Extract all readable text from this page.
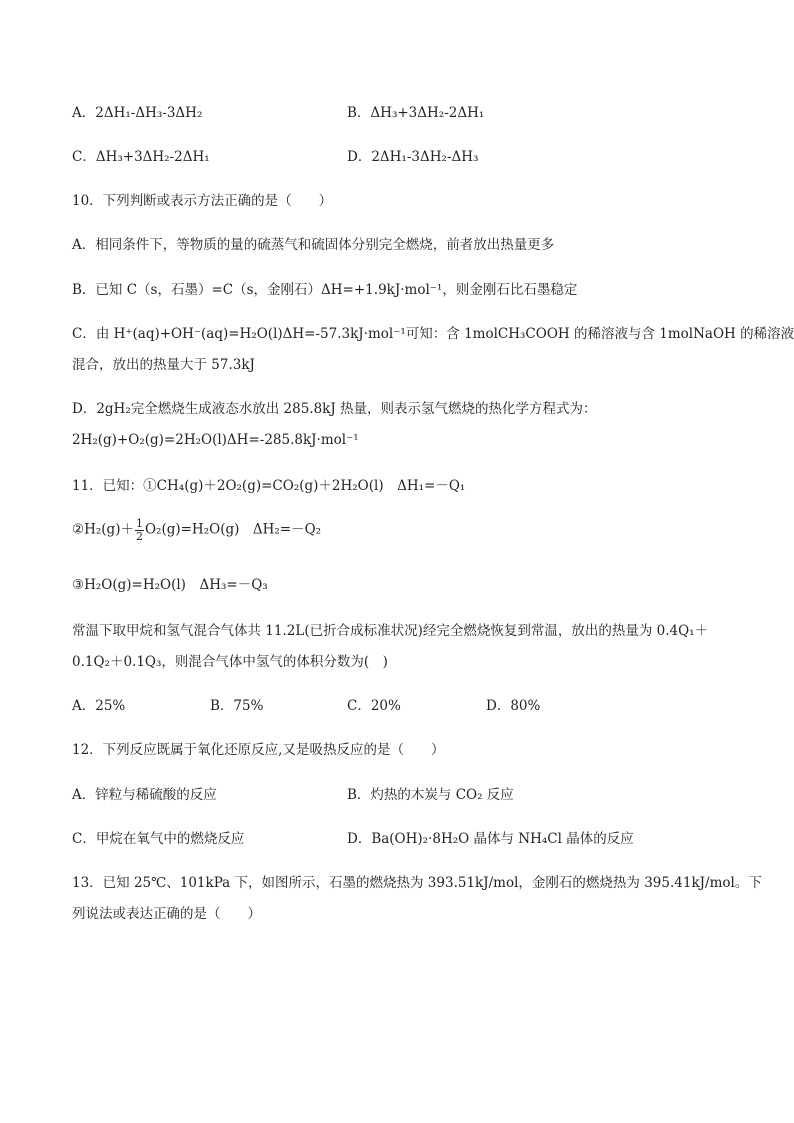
A．2ΔH₁-ΔH₃-3ΔH₂	B．ΔH₃+3ΔH₂-2ΔH₁
C．ΔH₃+3ΔH₂-2ΔH₁	D．2ΔH₁-3ΔH₂-ΔH₃
10．下列判断或表示方法正确的是（　　）
A．相同条件下，等物质的量的硫蒸气和硫固体分别完全燃烧，前者放出热量更多
B．已知 C（s，石墨）=C（s，金刚石）ΔH=+1.9kJ·mol⁻¹，则金刚石比石墨稳定
C．由 H⁺(aq)+OH⁻(aq)=H₂O(l)ΔH=-57.3kJ·mol⁻¹可知：含 1molCH₃COOH 的稀溶液与含 1molNaOH 的稀溶液
混合，放出的热量大于 57.3kJ
D．2gH₂完全燃烧生成液态水放出 285.8kJ 热量，则表示氢气燃烧的热化学方程式为：
2H₂(g)+O₂(g)=2H₂O(l)ΔH=-285.8kJ·mol⁻¹
11．已知：①CH₄(g)＋2O₂(g)=CO₂(g)＋2H₂O(l)　ΔH₁=－Q₁
②H₂(g)＋ $\frac{1}{2} O_2(g)=H_2O(g)$　ΔH₂=－Q₂
③H₂O(g)=H₂O(l)　ΔH₃=－Q₃
常温下取甲烷和氢气混合气体共 11.2L(已折合成标准状况)经完全燃烧恢复到常温，放出的热量为 0.4Q₁＋
0.1Q₂＋0.1Q₃，则混合气体中氢气的体积分数为(　)
A．25%	B．75%	C．20%	D．80%
12．下列反应既属于氧化还原反应,又是吸热反应的是（　　）
A．锌粒与稀硫酸的反应	B．灼热的木炭与 CO₂ 反应
C．甲烷在氧气中的燃烧反应	D．Ba(OH)₂·8H₂O 晶体与 NH₄Cl 晶体的反应
13．已知 25℃、101kPa 下，如图所示，石墨的燃烧热为 393.51kJ/mol，金刚石的燃烧热为 395.41kJ/mol。下
列说法或表达正确的是（　　）
